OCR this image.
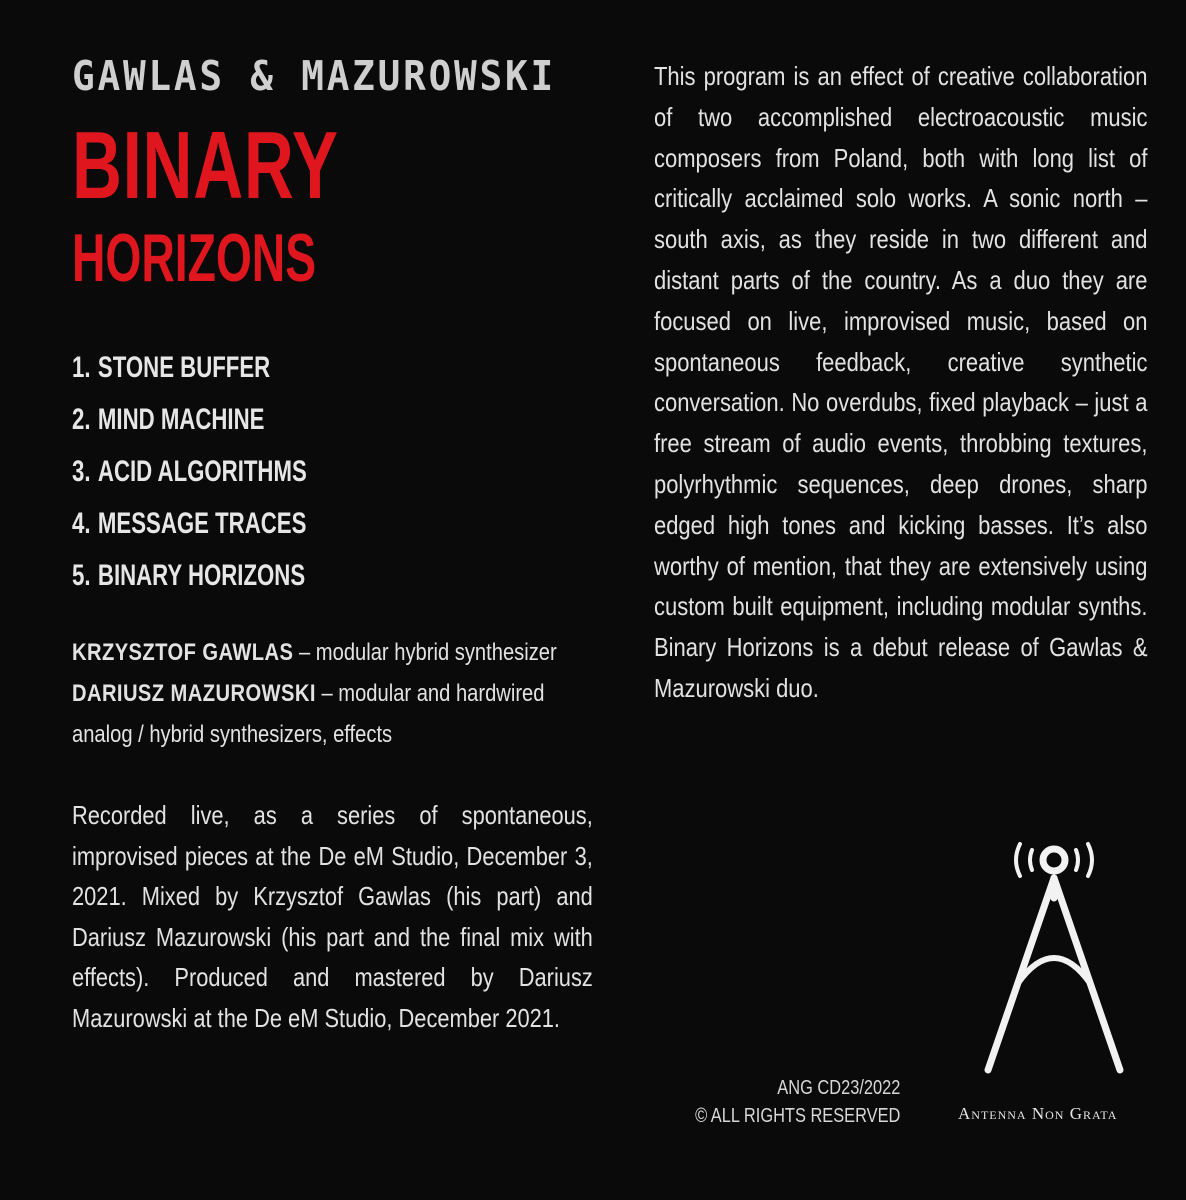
GAWLAS & MAZUROWSKI
BINARY
HORIZONS
1. STONE BUFFER
2. MIND MACHINE
3. ACID ALGORITHMS
4. MESSAGE TRACES
5. BINARY HORIZONS
KRZYSZTOF GAWLAS – modular hybrid synthesizer
DARIUSZ MAZUROWSKI – modular and hardwired
analog / hybrid synthesizers, effects
Recorded live, as a series of spontaneous, improvised pieces at the De eM Studio, December 3, 2021. Mixed by Krzysztof Gawlas (his part) and Dariusz Mazurowski (his part and the final mix with effects). Produced and mastered by Dariusz Mazurowski at the De eM Studio, December 2021.
This program is an effect of creative collaboration of two accomplished electroacoustic music composers from Poland, both with long list of critically acclaimed solo works. A sonic north – south axis, as they reside in two different and distant parts of the country. As a duo they are focused on live, improvised music, based on spontaneous feedback, creative synthetic conversation. No overdubs, fixed playback – just a free stream of audio events, throbbing textures, polyrhythmic sequences, deep drones, sharp edged high tones and kicking basses. It’s also worthy of mention, that they are extensively using custom built equipment, including modular synths. Binary Horizons is a debut release of Gawlas & Mazurowski duo.
ANG CD23/2022
© ALL RIGHTS RESERVED	Antenna Non Grata
